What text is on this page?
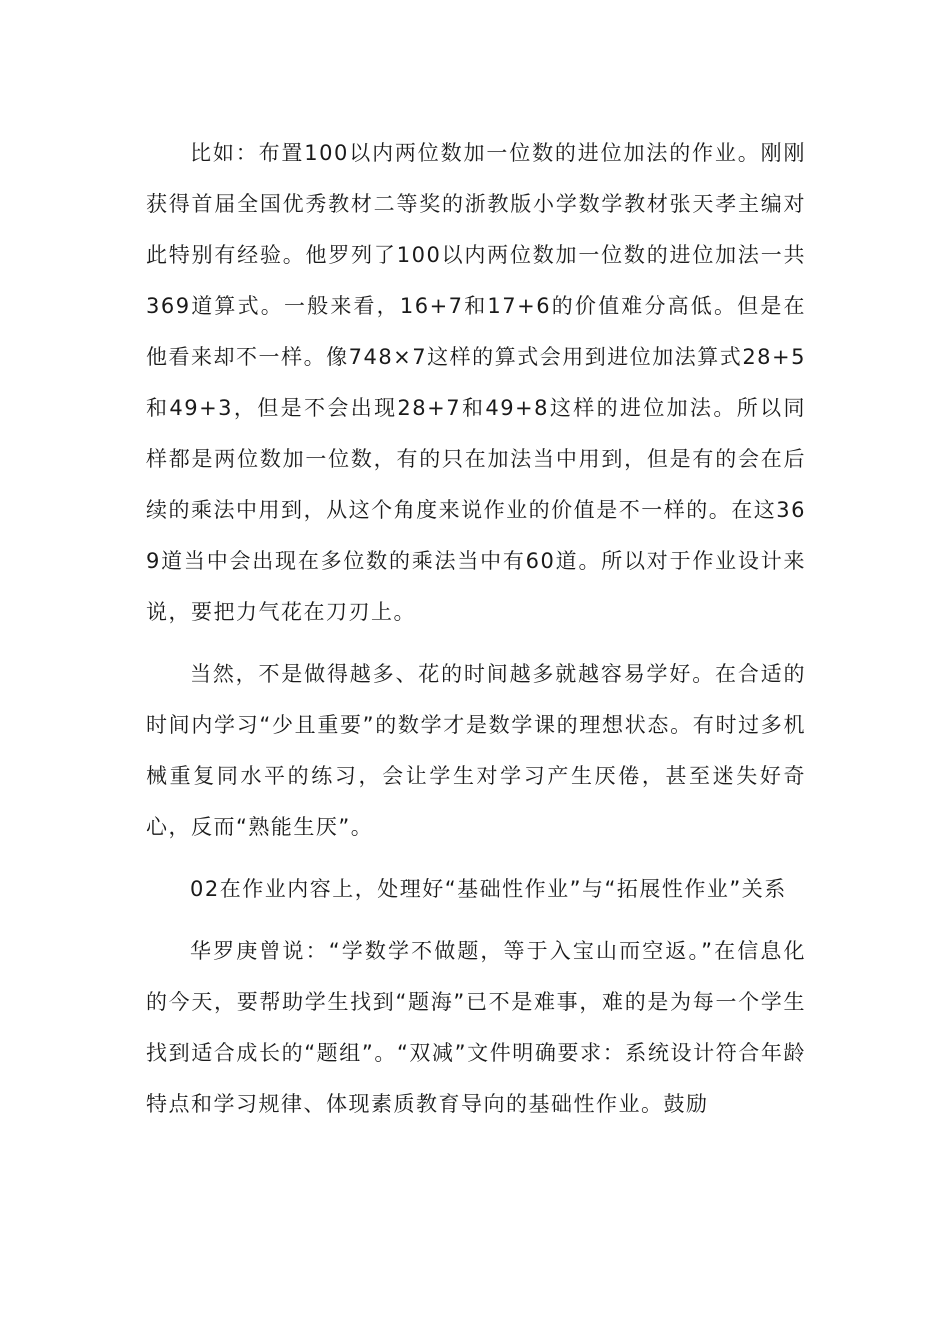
比如：布置100以内两位数加一位数的进位加法的作业。刚刚获得首届全国优秀教材二等奖的浙教版小学数学教材张天孝主编对此特别有经验。他罗列了100以内两位数加一位数的进位加法一共369道算式。一般来看，16+7和17+6的价值难分高低。但是在他看来却不一样。像748×7这样的算式会用到进位加法算式28+5和49+3，但是不会出现28+7和49+8这样的进位加法。所以同样都是两位数加一位数，有的只在加法当中用到，但是有的会在后续的乘法中用到，从这个角度来说作业的价值是不一样的。在这369道当中会出现在多位数的乘法当中有60道。所以对于作业设计来说，要把力气花在刀刃上。

当然，不是做得越多、花的时间越多就越容易学好。在合适的时间内学习“少且重要”的数学才是数学课的理想状态。有时过多机械重复同水平的练习，会让学生对学习产生厌倦，甚至迷失好奇心，反而“熟能生厌”。

02在作业内容上，处理好“基础性作业”与“拓展性作业”关系

华罗庚曾说：“学数学不做题，等于入宝山而空返。”在信息化的今天，要帮助学生找到“题海”已不是难事，难的是为每一个学生找到适合成长的“题组”。“双减”文件明确要求：系统设计符合年龄特点和学习规律、体现素质教育导向的基础性作业。鼓励
